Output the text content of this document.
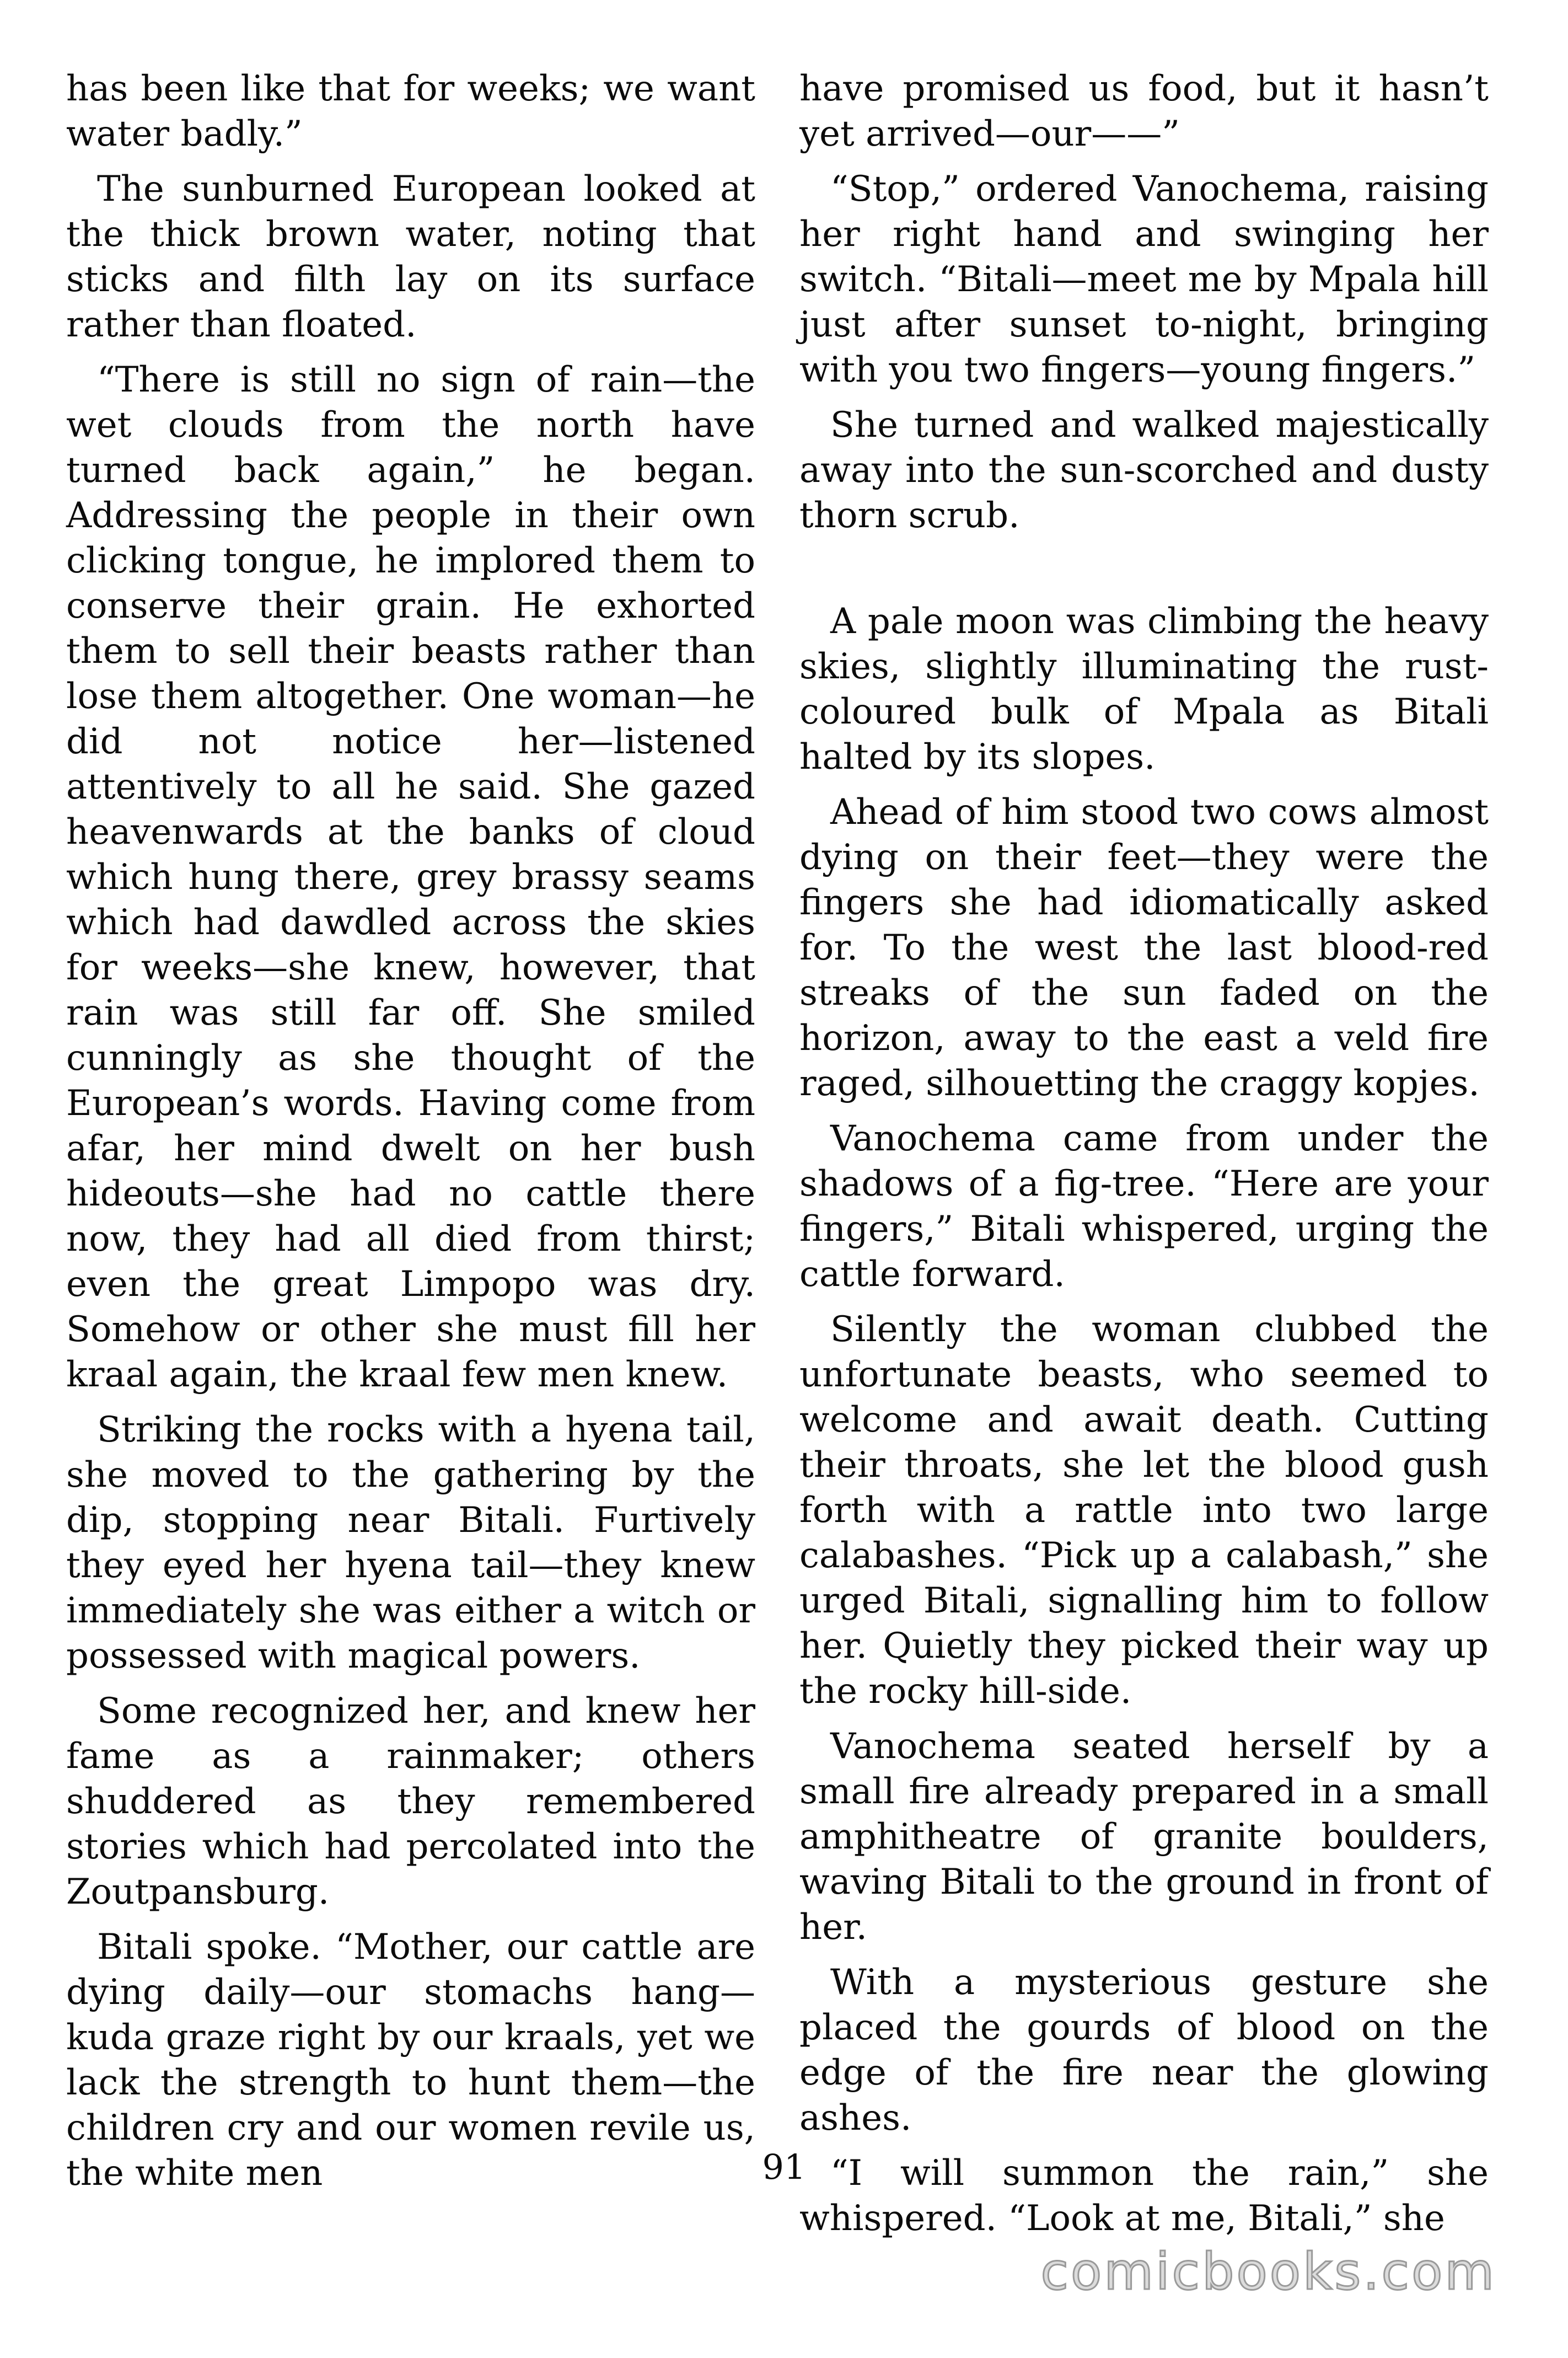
has been like that for weeks; we want water badly.”

The sunburned European looked at the thick brown water, noting that sticks and filth lay on its surface rather than floated.

“There is still no sign of rain—the wet clouds from the north have turned back again,” he began. Addressing the people in their own clicking tongue, he implored them to conserve their grain. He exhorted them to sell their beasts rather than lose them altogether. One woman—he did not notice her—listened attentively to all he said. She gazed heavenwards at the banks of cloud which hung there, grey brassy seams which had dawdled across the skies for weeks—she knew, however, that rain was still far off. She smiled cunningly as she thought of the European’s words. Having come from afar, her mind dwelt on her bush hideouts—she had no cattle there now, they had all died from thirst; even the great Limpopo was dry. Somehow or other she must fill her kraal again, the kraal few men knew.

Striking the rocks with a hyena tail, she moved to the gathering by the dip, stopping near Bitali. Furtively they eyed her hyena tail—they knew immediately she was either a witch or possessed with magical powers.

Some recognized her, and knew her fame as a rainmaker; others shuddered as they remembered stories which had percolated into the Zoutpansburg.

Bitali spoke. “Mother, our cattle are dying daily—our stomachs hang—kuda graze right by our kraals, yet we lack the strength to hunt them—the children cry and our women revile us, the white men

have promised us food, but it hasn’t yet arrived—our——”

“Stop,” ordered Vanochema, raising her right hand and swinging her switch. “Bitali—meet me by Mpala hill just after sunset to-night, bringing with you two fingers—young fingers.”

She turned and walked majestically away into the sun-scorched and dusty thorn scrub.

A pale moon was climbing the heavy skies, slightly illuminating the rust-coloured bulk of Mpala as Bitali halted by its slopes.

Ahead of him stood two cows almost dying on their feet—they were the fingers she had idiomatically asked for. To the west the last blood-red streaks of the sun faded on the horizon, away to the east a veld fire raged, silhouetting the craggy kopjes.

Vanochema came from under the shadows of a fig-tree. “Here are your fingers,” Bitali whispered, urging the cattle forward.

Silently the woman clubbed the unfortunate beasts, who seemed to welcome and await death. Cutting their throats, she let the blood gush forth with a rattle into two large calabashes. “Pick up a calabash,” she urged Bitali, signalling him to follow her. Quietly they picked their way up the rocky hill-side.

Vanochema seated herself by a small fire already prepared in a small amphitheatre of granite boulders, waving Bitali to the ground in front of her.

With a mysterious gesture she placed the gourds of blood on the edge of the fire near the glowing ashes.

“I will summon the rain,” she whispered. “Look at me, Bitali,” she

91
comicbooks.com
